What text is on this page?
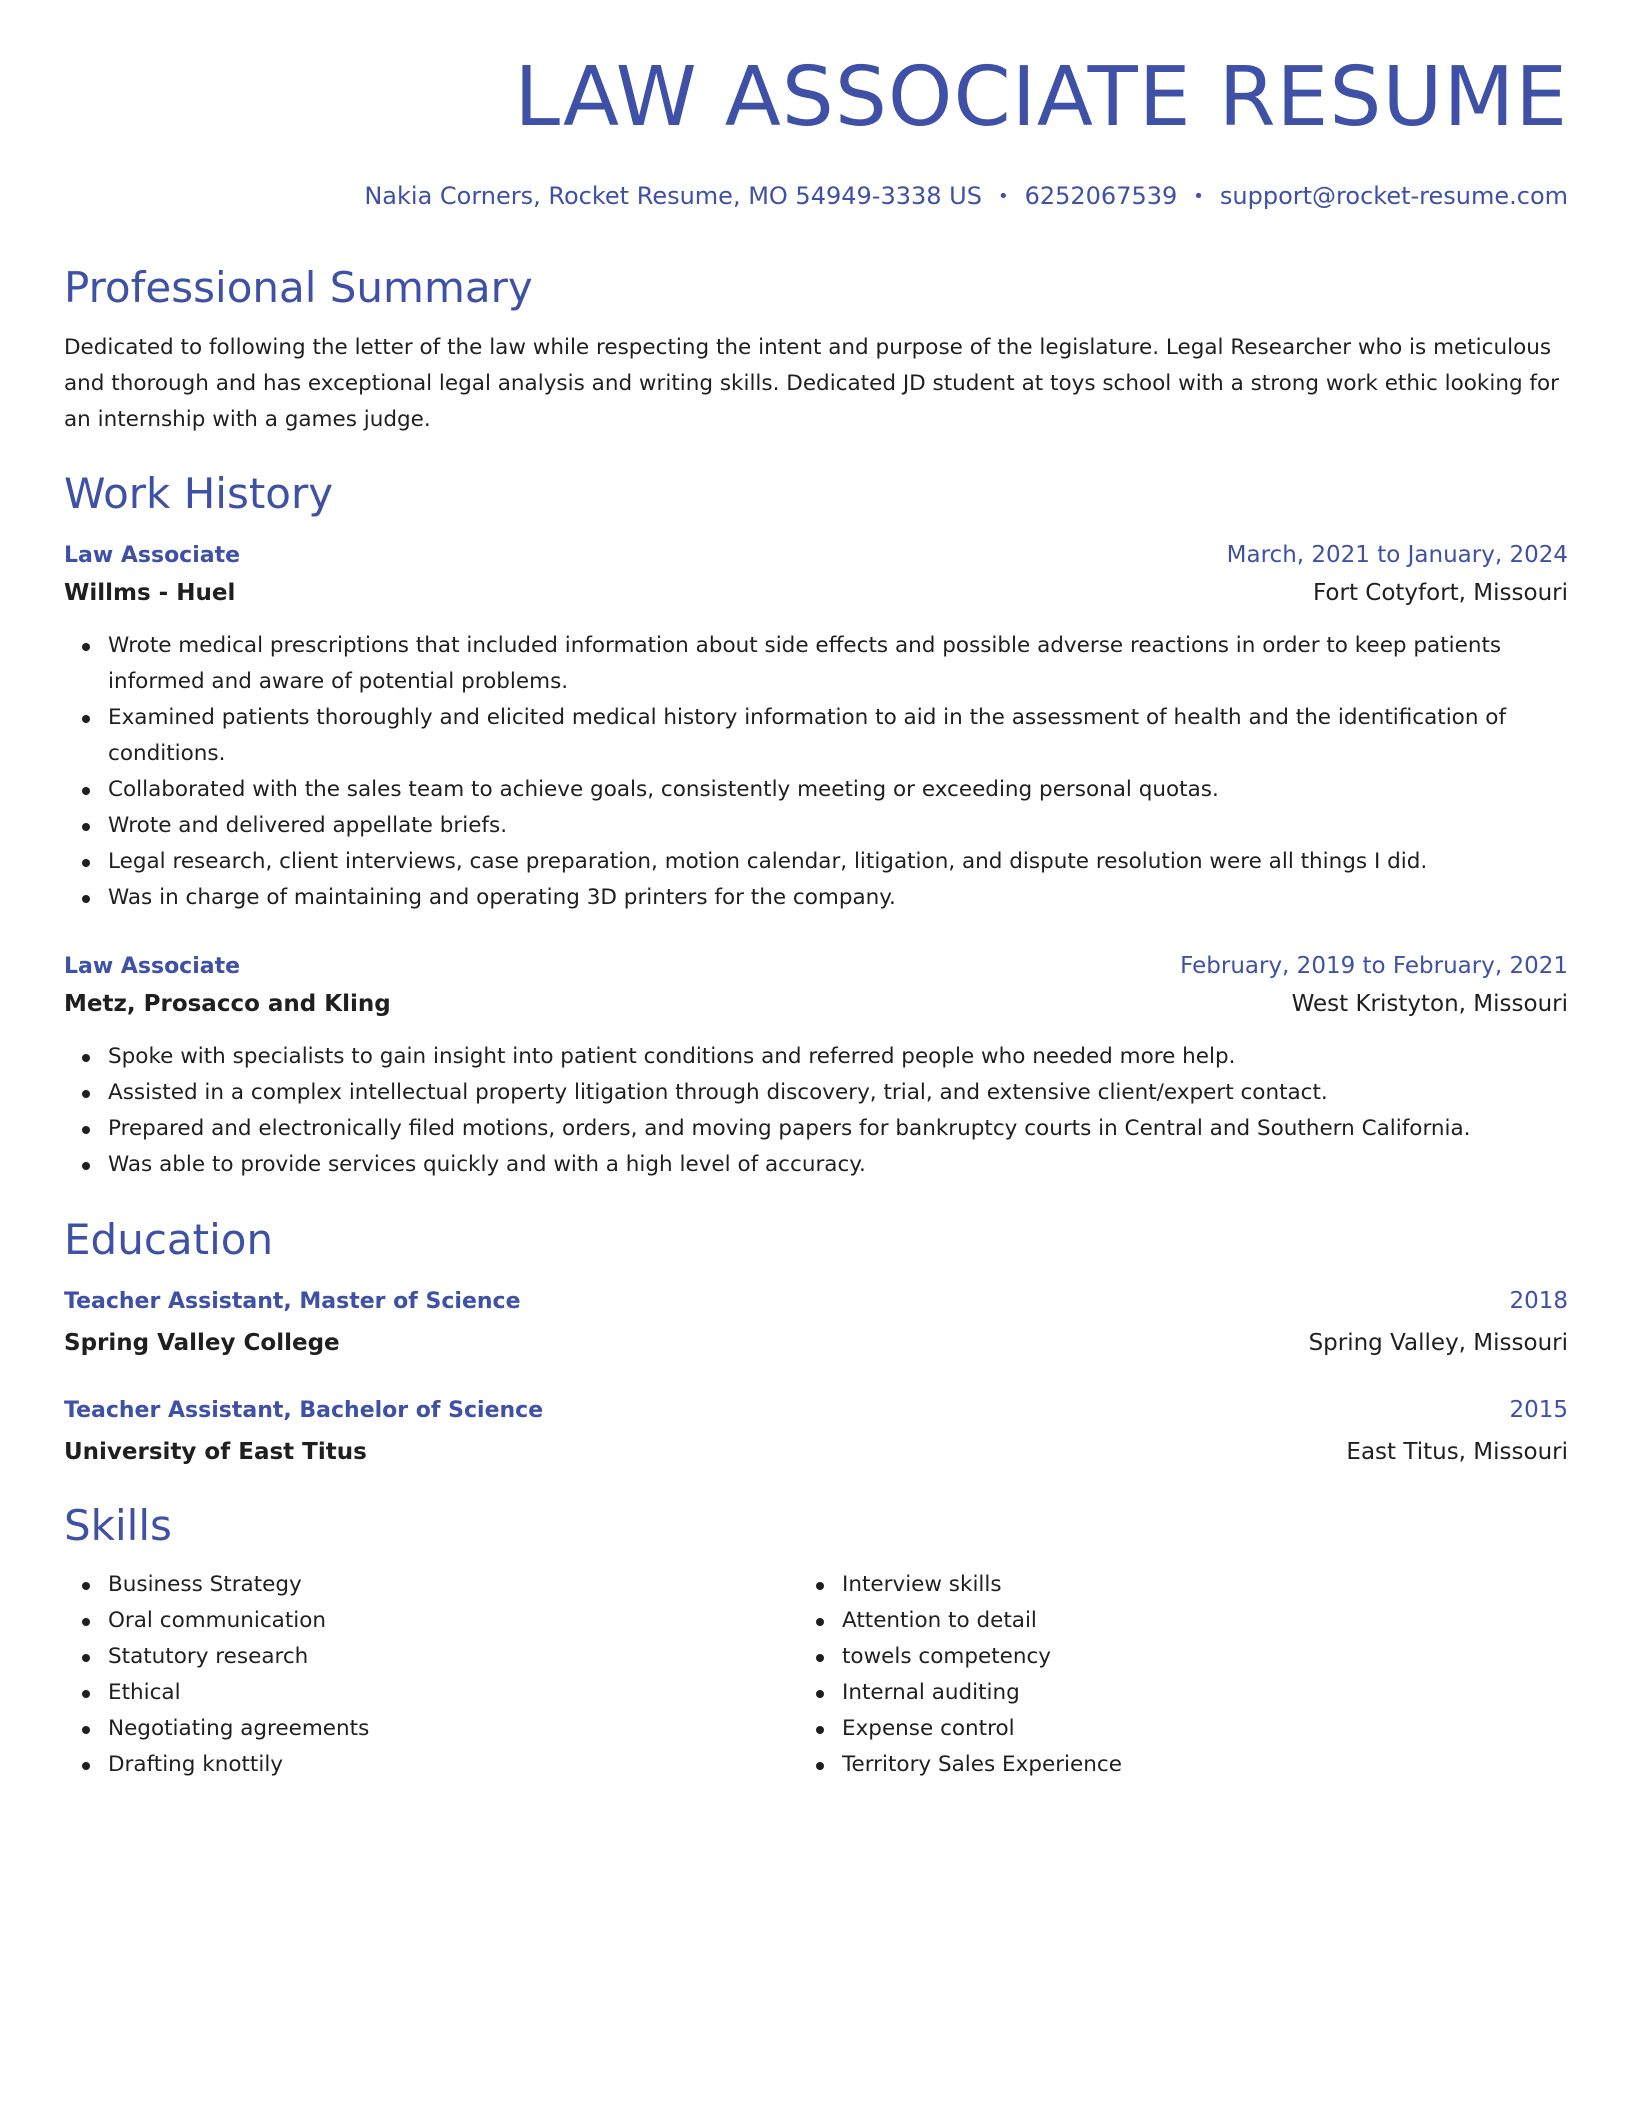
LAW ASSOCIATE RESUME
Nakia Corners, Rocket Resume, MO 54949-3338 US • 6252067539 • support@rocket-resume.com
Professional Summary

Dedicated to following the letter of the law while respecting the intent and purpose of the legislature. Legal Researcher who is meticulous and thorough and has exceptional legal analysis and writing skills. Dedicated JD student at toys school with a strong work ethic looking for an internship with a games judge.

Work History
Law Associate	March, 2021 to January, 2024
Willms - Huel	Fort Cotyfort, Missouri
Wrote medical prescriptions that included information about side effects and possible adverse reactions in order to keep patients informed and aware of potential problems.
Examined patients thoroughly and elicited medical history information to aid in the assessment of health and the identification of conditions.
Collaborated with the sales team to achieve goals, consistently meeting or exceeding personal quotas.
Wrote and delivered appellate briefs.
Legal research, client interviews, case preparation, motion calendar, litigation, and dispute resolution were all things I did.
Was in charge of maintaining and operating 3D printers for the company.
Law Associate	February, 2019 to February, 2021
Metz, Prosacco and Kling	West Kristyton, Missouri
Spoke with specialists to gain insight into patient conditions and referred people who needed more help.
Assisted in a complex intellectual property litigation through discovery, trial, and extensive client/expert contact.
Prepared and electronically filed motions, orders, and moving papers for bankruptcy courts in Central and Southern California.
Was able to provide services quickly and with a high level of accuracy.
Education
Teacher Assistant, Master of Science	2018
Spring Valley College	Spring Valley, Missouri
Teacher Assistant, Bachelor of Science	2015
University of East Titus	East Titus, Missouri
Skills
Business Strategy
Oral communication
Statutory research
Ethical
Negotiating agreements
Drafting knottily
Interview skills
Attention to detail
towels competency
Internal auditing
Expense control
Territory Sales Experience
